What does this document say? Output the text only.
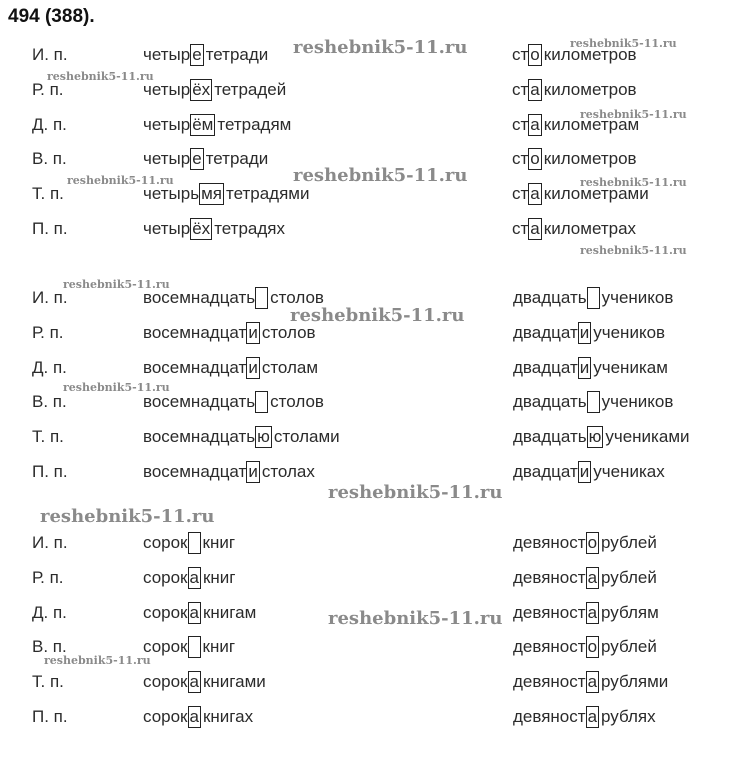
494 (388).
И. п.	четыр е тетради	ст о километров
Р. п.	четыр ёх тетрадей	ст а километров
Д. п.	четыр ём тетрадям	ст а километрам
В. п.	четыр е тетради	ст о километров
Т. п.	четырь мя тетрадями	ст а километрами
П. п.	четыр ёх тетрадях	ст а километрах
И. п.	восемнадцать столов	двадцать учеников
Р. п.	восемнадцат и столов	двадцат и учеников
Д. п.	восемнадцат и столам	двадцат и ученикам
В. п.	восемнадцать столов	двадцать учеников
Т. п.	восемнадцать ю столами	двадцать ю учениками
П. п.	восемнадцат и столах	двадцат и учениках
И. п.	сорок книг	девяност о рублей
Р. п.	сорок а книг	девяност а рублей
Д. п.	сорок а книгам	девяност а рублям
В. п.	сорок книг	девяност о рублей
Т. п.	сорок а книгами	девяност а рублями
П. п.	сорок а книгах	девяност а рублях
reshebnik5-11.ru	reshebnik5-11.ru
reshebnik5-11.ru
reshebnik5-11.ru
reshebnik5-11.ru
reshebnik5-11.ru	reshebnik5-11.ru
reshebnik5-11.ru
reshebnik5-11.ru
reshebnik5-11.ru
reshebnik5-11.ru
reshebnik5-11.ru
reshebnik5-11.ru
reshebnik5-11.ru
reshebnik5-11.ru
